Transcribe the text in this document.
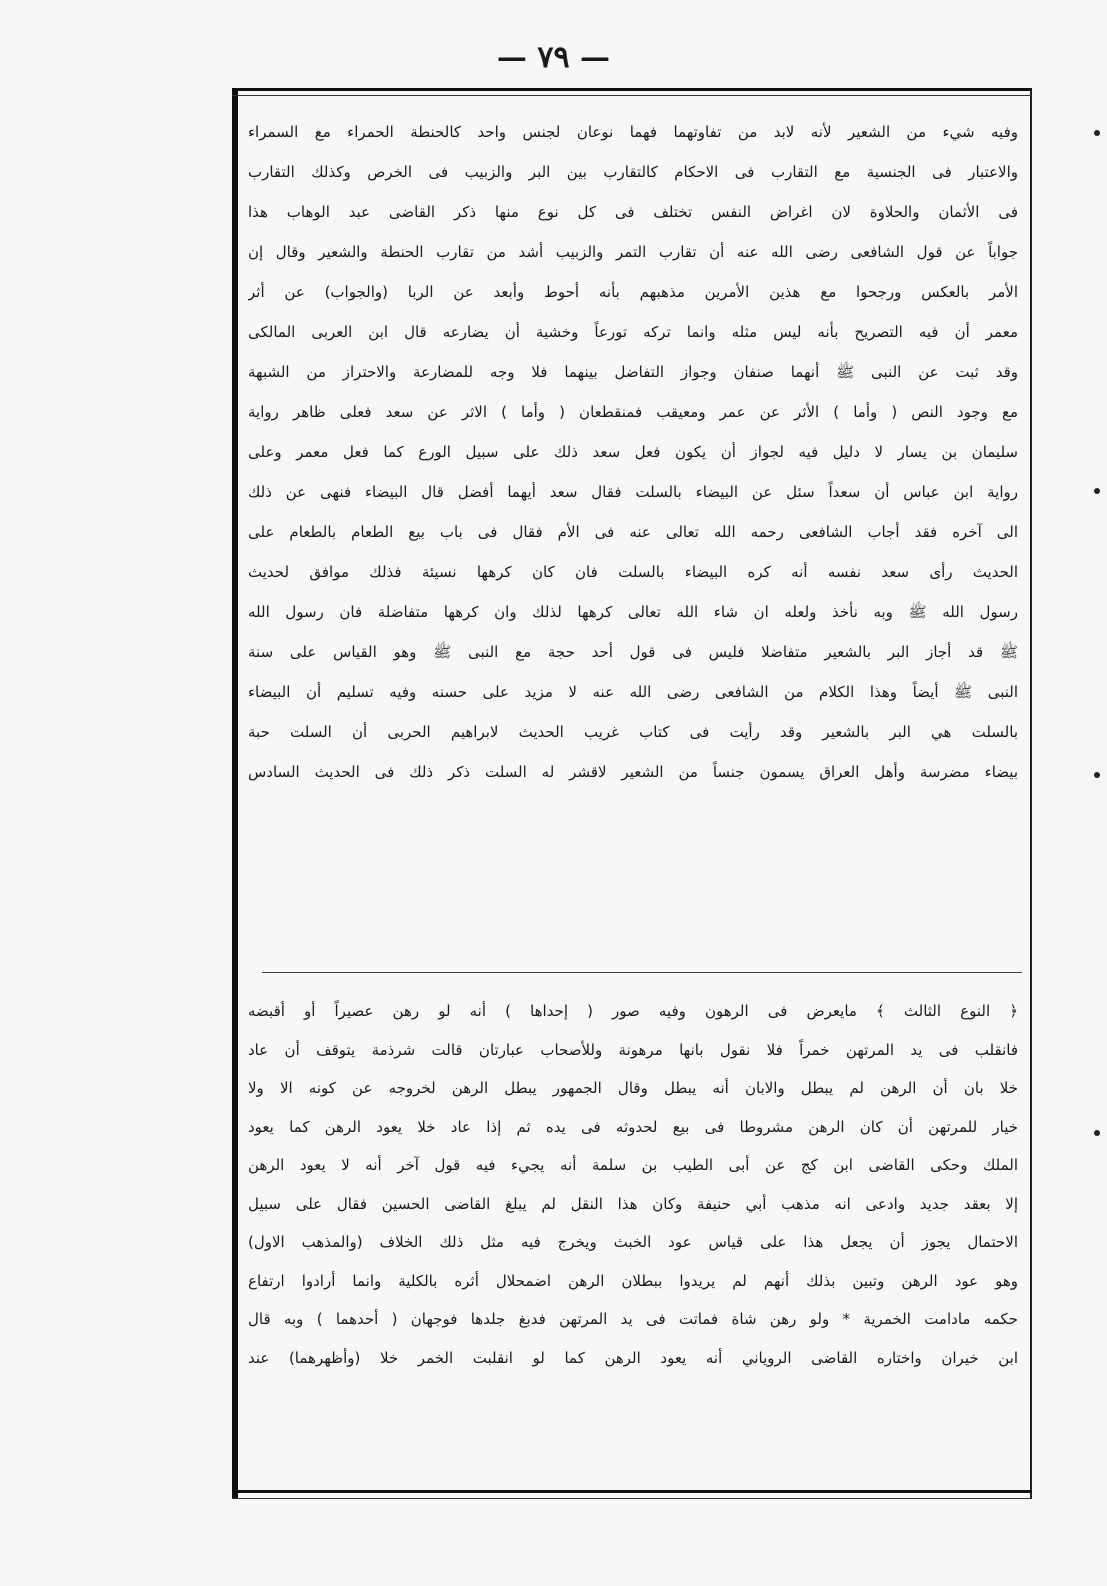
— ٧٩ —
وفيه شيء من الشعير لأنه لابد من تفاوتهما فهما نوعان لجنس واحد كالحنطة الحمراء مع السمراء
والاعتبار فى الجنسية مع التقارب فى الاحكام كالتقارب بين البر والزبيب فى الخرص وكذلك التقارب
فى الأثمان والحلاوة لان اغراض النفس تختلف فى كل نوع منها ذكر القاضى عبد الوهاب هذا
جواباً عن قول الشافعى رضى الله عنه أن تقارب التمر والزبيب أشد من تقارب الحنطة والشعير وقال إن
الأمر بالعكس ورجحوا مع هذين الأمرين مذهبهم بأنه أحوط وأبعد عن الربا (والجواب) عن أثر
معمر أن فيه التصريح بأنه ليس مثله وانما تركه تورعاً وخشية أن يضارعه قال ابن العربى المالكى
وقد ثبت عن النبى ﷺ أنهما صنفان وجواز التفاضل بينهما فلا وجه للمضارعة والاحتراز من الشبهة
مع وجود النص ( وأما ) الأثر عن عمر ومعيقب فمنقطعان ( وأما ) الاثر عن سعد فعلى ظاهر رواية
سليمان بن يسار لا دليل فيه لجواز أن يكون فعل سعد ذلك على سبيل الورع كما فعل معمر وعلى
رواية ابن عباس أن سعداً سئل عن البيضاء بالسلت فقال سعد أيهما أفضل قال البيضاء فنهى عن ذلك
الى آخره فقد أجاب الشافعى رحمه الله تعالى عنه فى الأم فقال فى باب بيع الطعام بالطعام على
الحديث رأى سعد نفسه أنه كره البيضاء بالسلت فان كان كرهها نسيئة فذلك موافق لحديث
رسول الله ﷺ وبه نأخذ ولعله ان شاء الله تعالى كرهها لذلك وان كرهها متفاضلة فان رسول الله
ﷺ قد أجاز البر بالشعير متفاضلا فليس فى قول أحد حجة مع النبى ﷺ وهو القياس على سنة
النبى ﷺ أيضاً وهذا الكلام من الشافعى رضى الله عنه لا مزيد على حسنه وفيه تسليم أن البيضاء
بالسلت هي البر بالشعير وقد رأيت فى كتاب غريب الحديث لابراهيم الحربى أن السلت حبة
بيضاء مضرسة وأهل العراق يسمون جنساً من الشعير لاقشر له السلت ذكر ذلك فى الحديث السادس
﴿ النوع الثالث ﴾ مايعرض فى الرهون وفيه صور ( إحداها ) أنه لو رهن عصيراً أو أقبضه
فانقلب فى يد المرتهن خمراً فلا نقول بانها مرهونة وللأصحاب عبارتان قالت شرذمة يتوقف أن عاد
خلا بان أن الرهن لم يبطل والابان أنه يبطل وقال الجمهور يبطل الرهن لخروجه عن كونه الا ولا
خيار للمرتهن أن كان الرهن مشروطا فى بيع لحدوثه فى يده ثم إذا عاد خلا يعود الرهن كما يعود
الملك وحكى القاضى ابن كج عن أبى الطيب بن سلمة أنه يجيء فيه قول آخر أنه لا يعود الرهن
إلا بعقد جديد وادعى انه مذهب أبي حنيفة وكان هذا النقل لم يبلغ القاضى الحسين فقال على سبيل
الاحتمال يجوز أن يجعل هذا على قياس عود الخبث ويخرج فيه مثل ذلك الخلاف (والمذهب الاول)
وهو عود الرهن وتبين بذلك أنهم لم يريدوا ببطلان الرهن اضمحلال أثره بالكلية وانما أرادوا ارتفاع
حكمه مادامت الخمرية * ولو رهن شاة فماتت فى يد المرتهن فدبغ جلدها فوجهان ( أحدهما ) وبه قال
ابن خيران واختاره القاضى الروياني أنه يعود الرهن كما لو انقلبت الخمر خلا (وأظهرهما) عند
